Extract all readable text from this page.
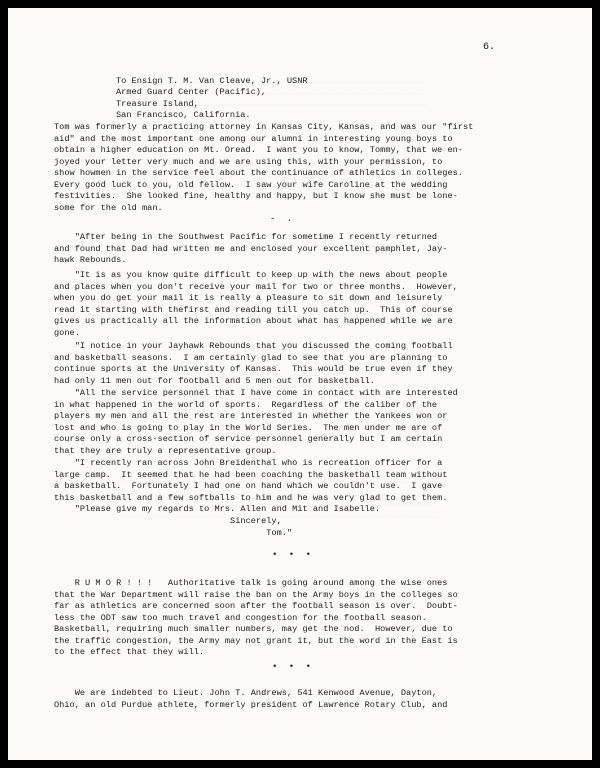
6.

To Ensign T. M. Van Cleave, Jr., USNR
Armed Guard Center (Pacific),
Treasure Island,
San Francisco, California.
Tom was formerly a practicing attorney in Kansas City, Kansas, and was our "first
aid" and the most important one among our alumni in interesting young boys to
obtain a higher education on Mt. Oread.  I want you to know, Tommy, that we en-
joyed your letter very much and we are using this, with your permission, to
show howmen in the service feel about the continuance of athletics in colleges.
Every good luck to you, old fellow.  I saw your wife Caroline at the wedding
festivities.  She looked fine, healthy and happy, but I know she must be lone-
some for the old man.
- .
"After being in the Southwest Pacific for sometime I recently returned
and found that Dad had written me and enclosed your excellent pamphlet, Jay-
hawk Rebounds.
"It is as you know quite difficult to keep up with the news about people
and places when you don't receive your mail for two or three months.  However,
when you do get your mail it is really a pleasure to sit down and leisurely
read it starting with thefirst and reading till you catch up.  This of course
gives us practically all the information about what has happened while we are
gone.
"I notice in your Jayhawk Rebounds that you discussed the coming football
and basketball seasons.  I am certainly glad to see that you are planning to
continue sports at the University of Kansas.  This would be true even if they
had only 11 men out for football and 5 men out for basketball.
"All the service personnel that I have come in contact with are interested
in what happened in the world of sports.  Regardless of the caliber of the
players my men and all the rest are interested in whether the Yankees won or
lost and who is going to play in the World Series.  The men under me are of
course only a cross-section of service personnel generally but I am certain
that they are truly a representative group.
"I recently ran across John Breidenthal who is recreation officer for a
large camp.  It seemed that he had been coaching the basketball team without
a basketball.  Fortunately I had one on hand which we couldn't use.  I gave
this basketball and a few softballs to him and he was very glad to get them.
"Please give my regards to Mrs. Allen and Mit and Isabelle.
Sincerely,
Tom."
• • •
R U M O R ! ! !   Authoritative talk is going around among the wise ones
that the War Department will raise the ban on the Army boys in the colleges so
far as athletics are concerned soon after the football season is over.  Doubt-
less the ODT saw too much travel and congestion for the football season.
Basketball, requiring much smaller numbers, may get the nod.  However, due to
the traffic congestion, the Army may not grant it, but the word in the East is
to the effect that they will.
• • •
We are indebted to Lieut. John T. Andrews, 541 Kenwood Avenue, Dayton,
Ohio, an old Purdue athlete, formerly president of Lawrence Rotary Club, and
